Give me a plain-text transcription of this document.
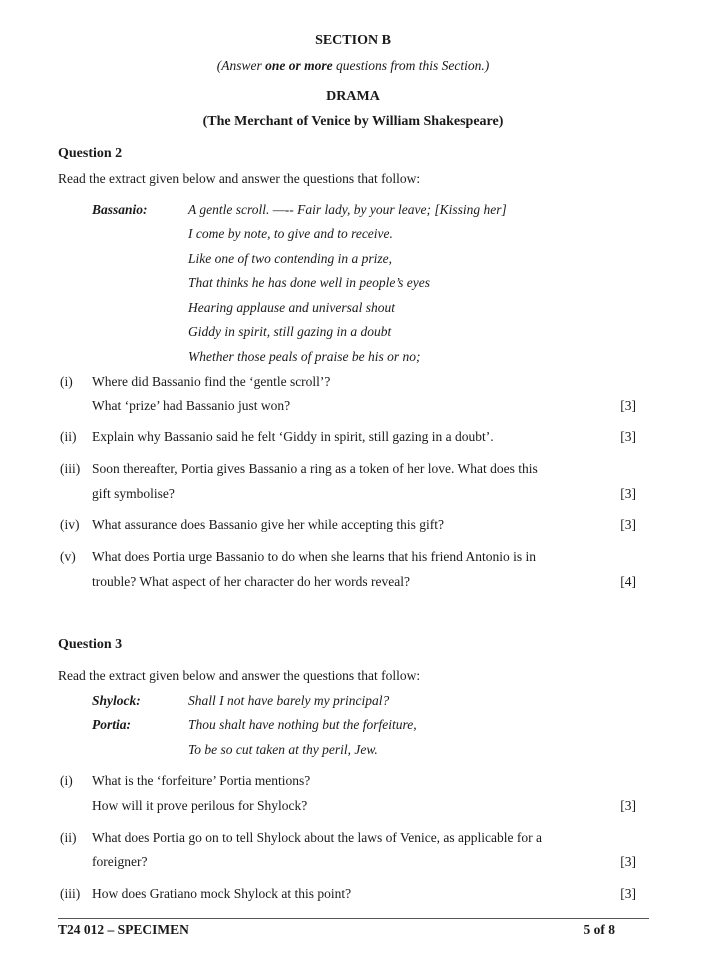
SECTION B
(Answer one or more questions from this Section.)
DRAMA
(The Merchant of Venice by William Shakespeare)
Question 2
Read the extract given below and answer the questions that follow:
Bassanio:	A gentle scroll. —-- Fair lady, by your leave; [Kissing her]
I come by note, to give and to receive.
Like one of two contending in a prize,
That thinks he has done well in people’s eyes
Hearing applause and universal shout
Giddy in spirit, still gazing in a doubt
Whether those peals of praise be his or no;
(i) Where did Bassanio find the ‘gentle scroll’?
What ‘prize’ had Bassanio just won?	[3]
(ii) Explain why Bassanio said he felt ‘Giddy in spirit, still gazing in a doubt’.	[3]
(iii) Soon thereafter, Portia gives Bassanio a ring as a token of her love. What does this
gift symbolise?	[3]
(iv) What assurance does Bassanio give her while accepting this gift?	[3]
(v) What does Portia urge Bassanio to do when she learns that his friend Antonio is in
trouble? What aspect of her character do her words reveal?	[4]
Question 3
Read the extract given below and answer the questions that follow:
Shylock:	Shall I not have barely my principal?
Portia:	Thou shalt have nothing but the forfeiture,
To be so cut taken at thy peril, Jew.
(i) What is the ‘forfeiture’ Portia mentions?
How will it prove perilous for Shylock?	[3]
(ii) What does Portia go on to tell Shylock about the laws of Venice, as applicable for a
foreigner?	[3]
(iii) How does Gratiano mock Shylock at this point?	[3]
T24 012 – SPECIMEN	5 of 8
